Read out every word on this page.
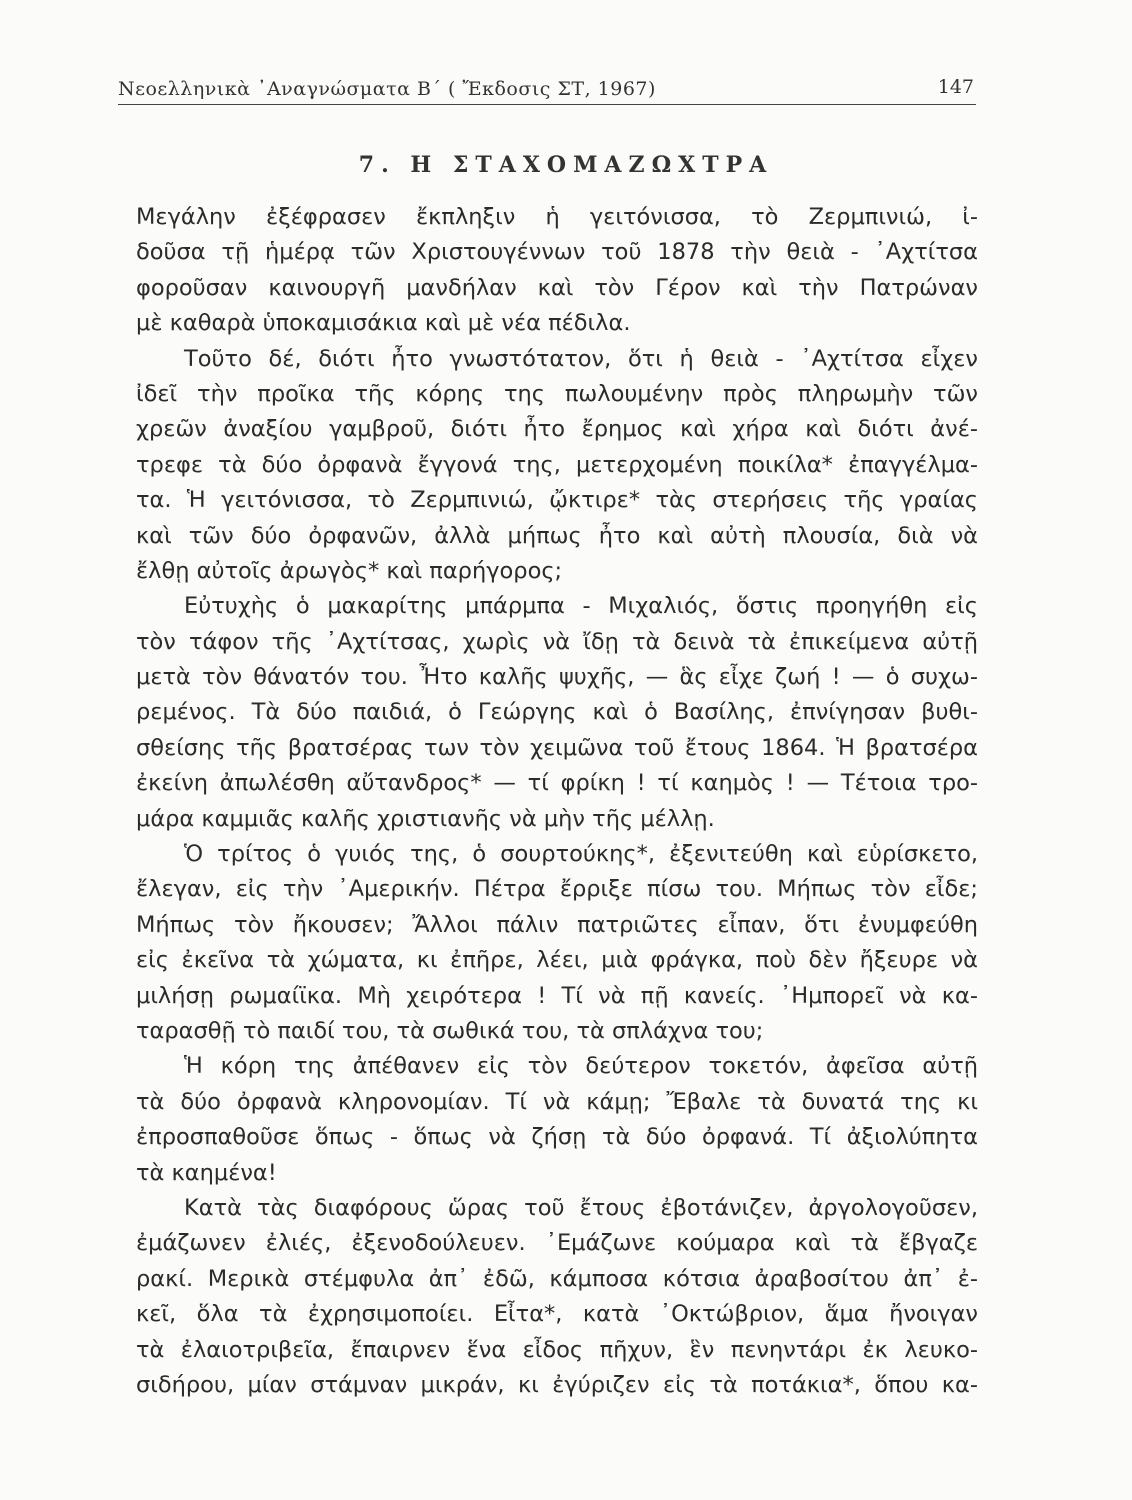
Νεοελληνικὰ ᾿Αναγνώσματα Β΄ ( Ἔκδοσις ΣΤ, 1967)	147
7. Η ΣΤΑΧΟΜΑΖΩΧΤΡΑ
Μεγάλην ἐξέφρασεν ἔκπληξιν ἡ γειτόνισσα, τὸ Ζερμπινιώ, ἰ-
δοῦσα τῇ ἡμέρᾳ τῶν Χριστουγέννων τοῦ 1878 τὴν θειὰ - ᾿Αχτίτσα
φοροῦσαν καινουργῆ μανδήλαν καὶ τὸν Γέρον καὶ τὴν Πατρώναν
μὲ καθαρὰ ὑποκαμισάκια καὶ μὲ νέα πέδιλα.
Τοῦτο δέ, διότι ἦτο γνωστότατον, ὅτι ἡ θειὰ - ᾿Αχτίτσα εἶχεν
ἰδεῖ τὴν προῖκα τῆς κόρης της πωλουμένην πρὸς πληρωμὴν τῶν
χρεῶν ἀναξίου γαμβροῦ, διότι ἦτο ἔρημος καὶ χήρα καὶ διότι ἀνέ-
τρεφε τὰ δύο ὀρφανὰ ἔγγονά της, μετερχομένη ποικίλα* ἐπαγγέλμα-
τα. Ἡ γειτόνισσα, τὸ Ζερμπινιώ, ᾤκτιρε* τὰς στερήσεις τῆς γραίας
καὶ τῶν δύο ὀρφανῶν, ἀλλὰ μήπως ἦτο καὶ αὐτὴ πλουσία, διὰ νὰ
ἔλθῃ αὐτοῖς ἀρωγὸς* καὶ παρήγορος;
Εὐτυχὴς ὁ μακαρίτης μπάρμπα - Μιχαλιός, ὅστις προηγήθη εἰς
τὸν τάφον τῆς ᾿Αχτίτσας, χωρὶς νὰ ἴδῃ τὰ δεινὰ τὰ ἐπικείμενα αὐτῇ
μετὰ τὸν θάνατόν του. Ἦτο καλῆς ψυχῆς, — ἃς εἶχε ζωή ! — ὁ συχω-
ρεμένος. Τὰ δύο παιδιά, ὁ Γεώργης καὶ ὁ Βασίλης, ἐπνίγησαν βυθι-
σθείσης τῆς βρατσέρας των τὸν χειμῶνα τοῦ ἔτους 1864. Ἡ βρατσέρα
ἐκείνη ἀπωλέσθη αὔτανδρος* — τί φρίκη ! τί καημὸς ! — Τέτοια τρο-
μάρα καμμιᾶς καλῆς χριστιανῆς νὰ μὴν τῆς μέλλῃ.
Ὁ τρίτος ὁ γυιός της, ὁ σουρτούκης*, ἐξενιτεύθη καὶ εὑρίσκετο,
ἔλεγαν, εἰς τὴν ᾿Αμερικήν. Πέτρα ἔρριξε πίσω του. Μήπως τὸν εἶδε;
Μήπως τὸν ἤκουσεν; Ἄλλοι πάλιν πατριῶτες εἶπαν, ὅτι ἐνυμφεύθη
εἰς ἐκεῖνα τὰ χώματα, κι ἐπῆρε, λέει, μιὰ φράγκα, ποὺ δὲν ἤξευρε νὰ
μιλήσῃ ρωμαίϊκα. Μὴ χειρότερα ! Τί νὰ πῇ κανείς. ᾿Ημπορεῖ νὰ κα-
ταρασθῇ τὸ παιδί του, τὰ σωθικά του, τὰ σπλάχνα του;
Ἡ κόρη της ἀπέθανεν εἰς τὸν δεύτερον τοκετόν, ἀφεῖσα αὐτῇ
τὰ δύο ὀρφανὰ κληρονομίαν. Τί νὰ κάμῃ; Ἔβαλε τὰ δυνατά της κι
ἐπροσπαθοῦσε ὅπως - ὅπως νὰ ζήσῃ τὰ δύο ὀρφανά. Τί ἀξιολύπητα
τὰ καημένα!
Κατὰ τὰς διαφόρους ὥρας τοῦ ἔτους ἐβοτάνιζεν, ἀργολογοῦσεν,
ἐμάζωνεν ἐλιές, ἐξενοδούλευεν. ᾿Εμάζωνε κούμαρα καὶ τὰ ἔβγαζε
ρακί. Μερικὰ στέμφυλα ἀπ᾿ ἐδῶ, κάμποσα κότσια ἀραβοσίτου ἀπ᾿ ἐ-
κεῖ, ὅλα τὰ ἐχρησιμοποίει. Εἶτα*, κατὰ ᾿Οκτώβριον, ἅμα ἤνοιγαν
τὰ ἐλαιοτριβεῖα, ἔπαιρνεν ἕνα εἶδος πῆχυν, ἓν πενηντάρι ἐκ λευκο-
σιδήρου, μίαν στάμναν μικράν, κι ἐγύριζεν εἰς τὰ ποτάκια*, ὅπου κα-
